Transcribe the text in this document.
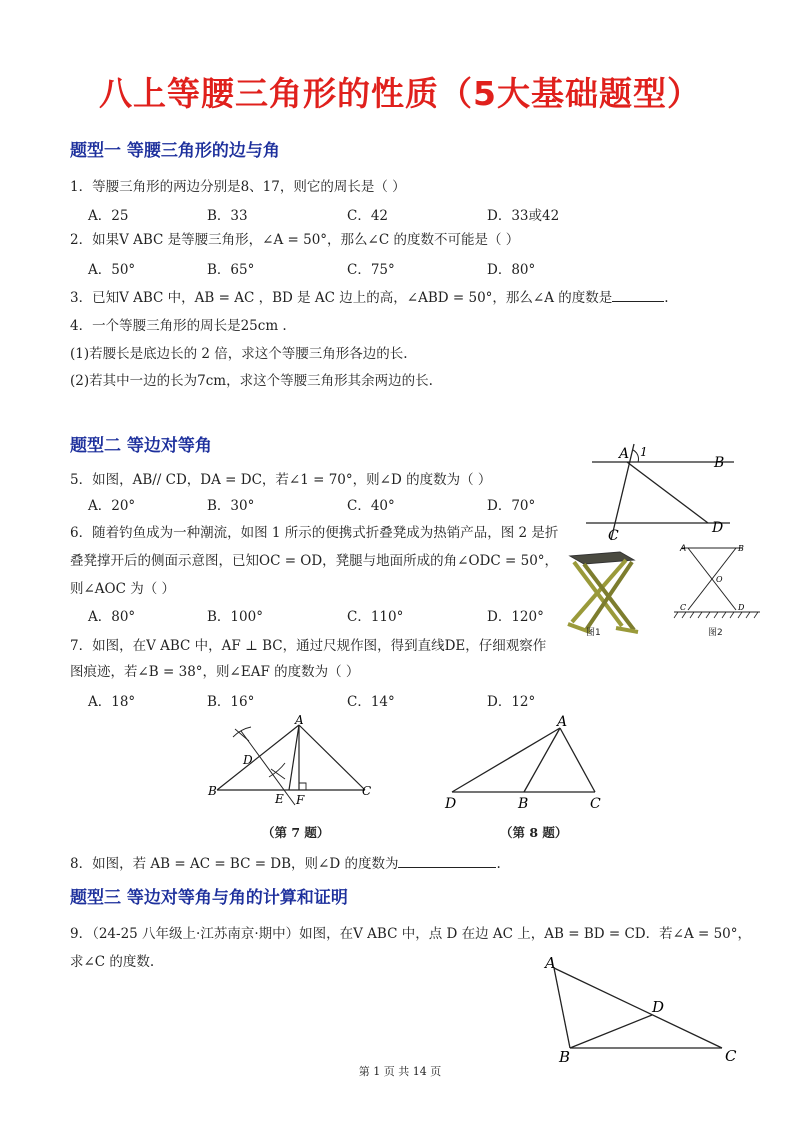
八上等腰三角形的性质（5大基础题型）
题型一 等腰三角形的边与角
1．等腰三角形的两边分别是8、17，则它的周长是（ ）
A．25	B．33	C．42	D．33或42
2．如果V ABC 是等腰三角形，∠A = 50°，那么∠C 的度数不可能是（ ）
A．50°	B．65°	C．75°	D．80°
3．已知V ABC 中，AB = AC ，BD 是 AC 边上的高，∠ABD = 50°，那么∠A 的度数是	.
4．一个等腰三角形的周长是25cm .
(1)若腰长是底边长的 2 倍，求这个等腰三角形各边的长.
(2)若其中一边的长为7cm，求这个等腰三角形其余两边的长.
题型二 等边对等角
5．如图，AB// CD，DA = DC，若∠1 = 70°，则∠D 的度数为（ ）
A．20°	B．30°	C．40°	D．70°
A 1
B
C	D
6．随着钓鱼成为一种潮流，如图 1 所示的便携式折叠凳成为热销产品，图 2 是折
叠凳撑开后的侧面示意图，已知OC = OD，凳腿与地面所成的角∠ODC = 50°，
则∠AOC 为（ ）
A．80°	B．100°	C．110°	D．120°
图1
A	B
O
C	D
图2
7．如图，在V ABC 中，AF ⊥ BC，通过尺规作图，得到直线DE，仔细观察作
图痕迹，若∠B = 38°，则∠EAF 的度数为（ ）
A．18°	B．16°	C．14°	D．12°
A
B	C
D
E F
A
D	B	C
（第 7 题）	（第 8 题）
8．如图，若 AB = AC = BC = DB，则∠D 的度数为	.
题型三 等边对等角与角的计算和证明
9．（24-25 八年级上·江苏南京·期中）如图，在V ABC 中，点 D 在边 AC 上，AB = BD = CD．若∠A = 50°，
求∠C 的度数.	A
B	C
D
第 1 页 共 14 页
